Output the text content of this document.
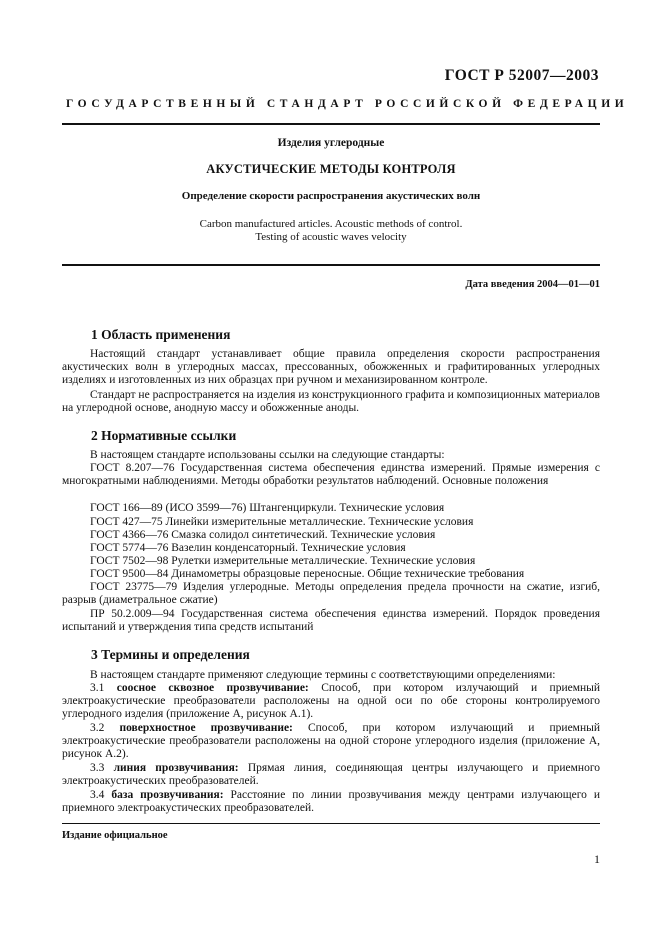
ГОСТ Р 52007—2003
ГОСУДАРСТВЕННЫЙ СТАНДАРТ РОССИЙСКОЙ ФЕДЕРАЦИИ
Изделия углеродные
АКУСТИЧЕСКИЕ МЕТОДЫ КОНТРОЛЯ
Определение скорости распространения акустических волн
Carbon manufactured articles. Acoustic methods of control.
Testing of acoustic waves velocity
Дата введения 2004—01—01
1 Область применения
Настоящий стандарт устанавливает общие правила определения скорости распространения акустических волн в углеродных массах, прессованных, обожженных и графитированных углеродных изделиях и изготовленных из них образцах при ручном и механизированном контроле.
Стандарт не распространяется на изделия из конструкционного графита и композиционных материалов на углеродной основе, анодную массу и обожженные аноды.
2 Нормативные ссылки
В настоящем стандарте использованы ссылки на следующие стандарты:
ГОСТ 8.207—76 Государственная система обеспечения единства измерений. Прямые измерения с многократными наблюдениями. Методы обработки результатов наблюдений. Основные положения
ГОСТ 166—89 (ИСО 3599—76) Штангенциркули. Технические условия
ГОСТ 427—75 Линейки измерительные металлические. Технические условия
ГОСТ 4366—76 Смазка солидол синтетический. Технические условия
ГОСТ 5774—76 Вазелин конденсаторный. Технические условия
ГОСТ 7502—98 Рулетки измерительные металлические. Технические условия
ГОСТ 9500—84 Динамометры образцовые переносные. Общие технические требования
ГОСТ 23775—79 Изделия углеродные. Методы определения предела прочности на сжатие, изгиб, разрыв (диаметральное сжатие)
ПР 50.2.009—94 Государственная система обеспечения единства измерений. Порядок проведения испытаний и утверждения типа средств испытаний
3 Термины и определения
В настоящем стандарте применяют следующие термины с соответствующими определениями:
3.1 соосное сквозное прозвучивание: Способ, при котором излучающий и приемный электроакустические преобразователи расположены на одной оси по обе стороны контролируемого углеродного изделия (приложение А, рисунок А.1).
3.2 поверхностное прозвучивание: Способ, при котором излучающий и приемный электроакустические преобразователи расположены на одной стороне углеродного изделия (приложение А, рисунок А.2).
3.3 линия прозвучивания: Прямая линия, соединяющая центры излучающего и приемного электроакустических преобразователей.
3.4 база прозвучивания: Расстояние по линии прозвучивания между центрами излучающего и приемного электроакустических преобразователей.
Издание официальное
1
